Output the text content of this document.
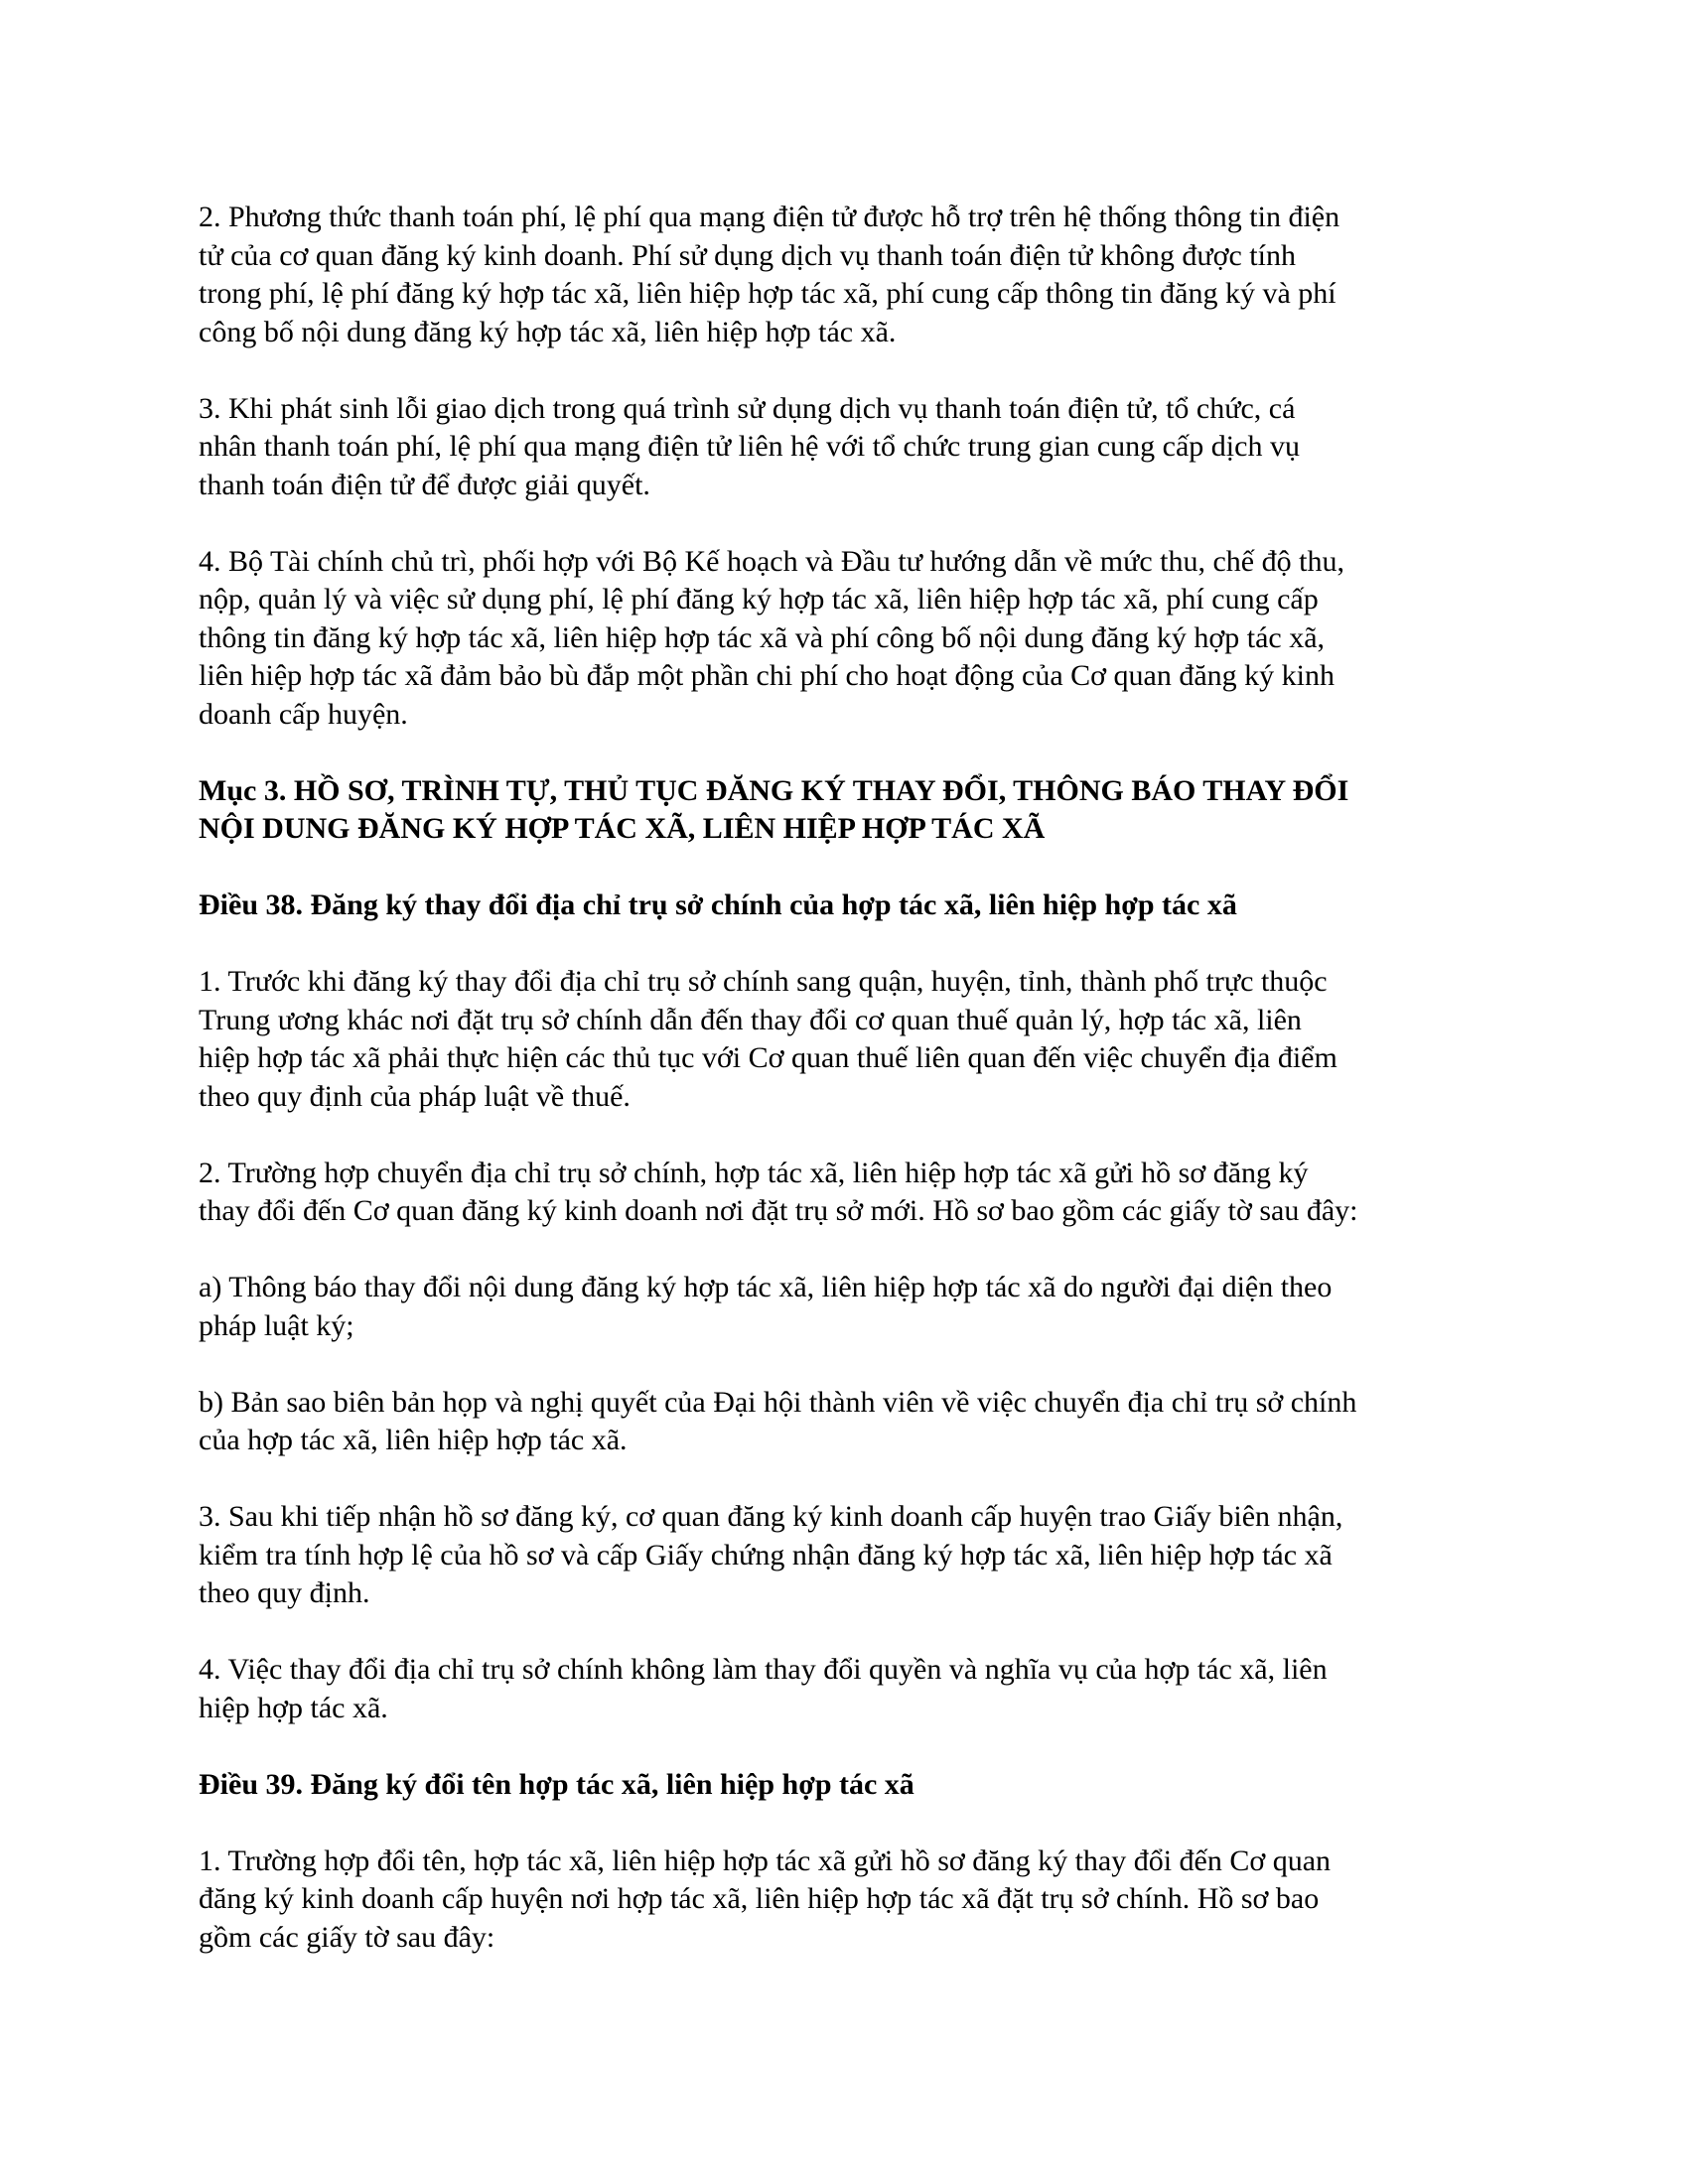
2. Phương thức thanh toán phí, lệ phí qua mạng điện tử được hỗ trợ trên hệ thống thông tin điện
tử của cơ quan đăng ký kinh doanh. Phí sử dụng dịch vụ thanh toán điện tử không được tính
trong phí, lệ phí đăng ký hợp tác xã, liên hiệp hợp tác xã, phí cung cấp thông tin đăng ký và phí
công bố nội dung đăng ký hợp tác xã, liên hiệp hợp tác xã.
3. Khi phát sinh lỗi giao dịch trong quá trình sử dụng dịch vụ thanh toán điện tử, tổ chức, cá
nhân thanh toán phí, lệ phí qua mạng điện tử liên hệ với tổ chức trung gian cung cấp dịch vụ
thanh toán điện tử để được giải quyết.
4. Bộ Tài chính chủ trì, phối hợp với Bộ Kế hoạch và Đầu tư hướng dẫn về mức thu, chế độ thu,
nộp, quản lý và việc sử dụng phí, lệ phí đăng ký hợp tác xã, liên hiệp hợp tác xã, phí cung cấp
thông tin đăng ký hợp tác xã, liên hiệp hợp tác xã và phí công bố nội dung đăng ký hợp tác xã,
liên hiệp hợp tác xã đảm bảo bù đắp một phần chi phí cho hoạt động của Cơ quan đăng ký kinh
doanh cấp huyện.
Mục 3. HỒ SƠ, TRÌNH TỰ, THỦ TỤC ĐĂNG KÝ THAY ĐỔI, THÔNG BÁO THAY ĐỔI
NỘI DUNG ĐĂNG KÝ HỢP TÁC XÃ, LIÊN HIỆP HỢP TÁC XÃ
Điều 38. Đăng ký thay đổi địa chỉ trụ sở chính của hợp tác xã, liên hiệp hợp tác xã
1. Trước khi đăng ký thay đổi địa chỉ trụ sở chính sang quận, huyện, tỉnh, thành phố trực thuộc
Trung ương khác nơi đặt trụ sở chính dẫn đến thay đổi cơ quan thuế quản lý, hợp tác xã, liên
hiệp hợp tác xã phải thực hiện các thủ tục với Cơ quan thuế liên quan đến việc chuyển địa điểm
theo quy định của pháp luật về thuế.
2. Trường hợp chuyển địa chỉ trụ sở chính, hợp tác xã, liên hiệp hợp tác xã gửi hồ sơ đăng ký
thay đổi đến Cơ quan đăng ký kinh doanh nơi đặt trụ sở mới. Hồ sơ bao gồm các giấy tờ sau đây:
a) Thông báo thay đổi nội dung đăng ký hợp tác xã, liên hiệp hợp tác xã do người đại diện theo
pháp luật ký;
b) Bản sao biên bản họp và nghị quyết của Đại hội thành viên về việc chuyển địa chỉ trụ sở chính
của hợp tác xã, liên hiệp hợp tác xã.
3. Sau khi tiếp nhận hồ sơ đăng ký, cơ quan đăng ký kinh doanh cấp huyện trao Giấy biên nhận,
kiểm tra tính hợp lệ của hồ sơ và cấp Giấy chứng nhận đăng ký hợp tác xã, liên hiệp hợp tác xã
theo quy định.
4. Việc thay đổi địa chỉ trụ sở chính không làm thay đổi quyền và nghĩa vụ của hợp tác xã, liên
hiệp hợp tác xã.
Điều 39. Đăng ký đổi tên hợp tác xã, liên hiệp hợp tác xã
1. Trường hợp đổi tên, hợp tác xã, liên hiệp hợp tác xã gửi hồ sơ đăng ký thay đổi đến Cơ quan
đăng ký kinh doanh cấp huyện nơi hợp tác xã, liên hiệp hợp tác xã đặt trụ sở chính. Hồ sơ bao
gồm các giấy tờ sau đây:
